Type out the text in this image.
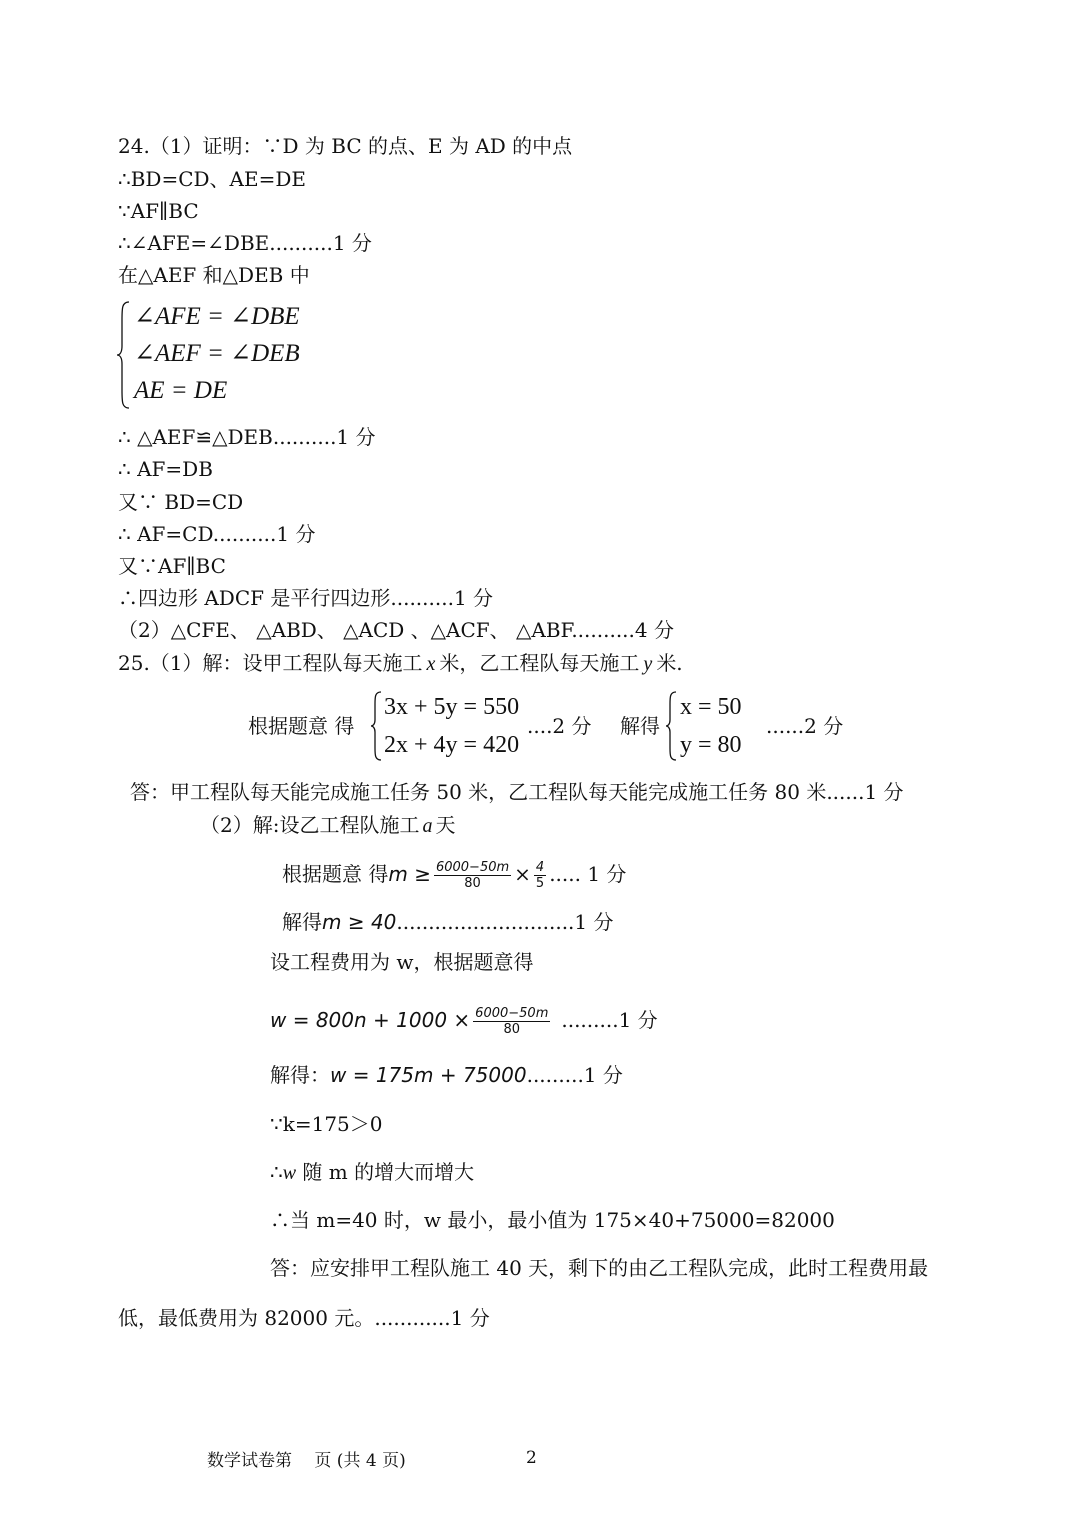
24.（1）证明：∵D 为 BC 的点、E 为 AD 的中点
∴BD=CD、AE=DE
∵AF∥BC
∴∠AFE=∠DBE..........1 分
在△AEF 和△DEB 中
∠AFE = ∠DBE
∠AEF = ∠DEB
AE = DE
∴ △AEF≌△DEB..........1 分
∴ AF=DB
又∵ BD=CD
∴ AF=CD..........1 分
又∵AF∥BC
∴四边形 ADCF 是平行四边形..........1 分
（2）△CFE、 △ABD、 △ACD 、△ACF、 △ABF..........4 分
25.（1）解：设甲工程队每天施工 x 米，乙工程队每天施工 y 米.
根据题意 得
3x + 5y = 550
2x + 4y = 420
....2 分 解得
x = 50
y = 80
......2 分
答：甲工程队每天能完成施工任务 50 米，乙工程队每天能完成施工任务 80 米......1 分
（2）解:设乙工程队施工 a 天
根据题意 得$m \ge \frac{6000-50m}{80} \times \frac{4}{5}$ ..... 1 分
解得m ≥ 40............................1 分
设工程费用为 w，根据题意得
$w = 800n + 1000 \times \frac{6000-50m}{80} .........1$ 分
解得：w = 175m + 75000.........1 分
∵k=175＞0
∴w 随 m 的增大而增大
∴当 m=40 时，w 最小，最小值为 175×40+75000=82000
答：应安排甲工程队施工 40 天，剩下的由乙工程队完成，此时工程费用最
低，最低费用为 82000 元。............1 分
数学试卷第　 页 (共 4 页)	2
